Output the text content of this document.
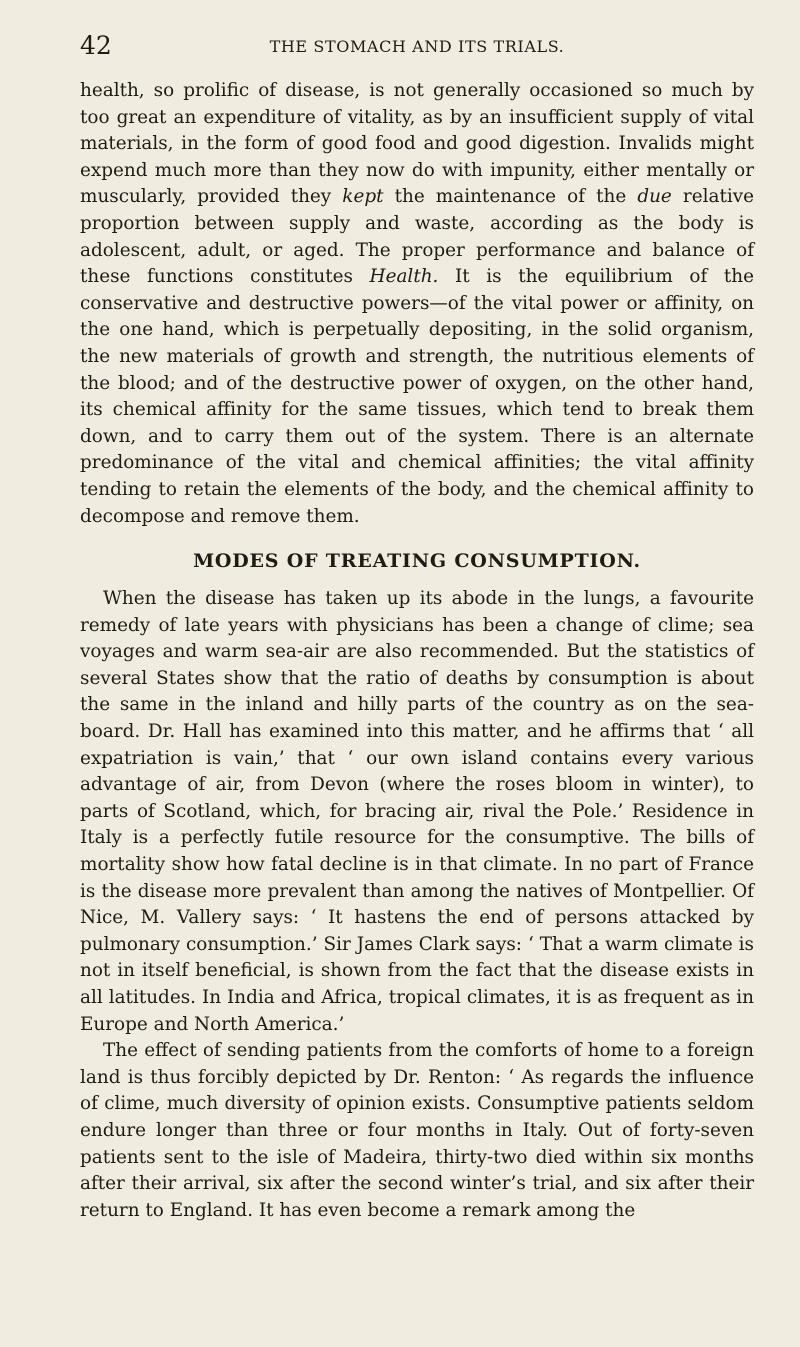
42	THE STOMACH AND ITS TRIALS.

health, so prolific of disease, is not generally occasioned so much by too great an expenditure of vitality, as by an insufficient supply of vital materials, in the form of good food and good digestion. Invalids might expend much more than they now do with impunity, either mentally or muscularly, provided they kept the maintenance of the due relative proportion between supply and waste, according as the body is adolescent, adult, or aged. The proper performance and balance of these functions constitutes Health. It is the equilibrium of the conservative and destructive powers—of the vital power or affinity, on the one hand, which is perpetually depositing, in the solid organism, the new materials of growth and strength, the nutritious elements of the blood; and of the destructive power of oxygen, on the other hand, its chemical affinity for the same tissues, which tend to break them down, and to carry them out of the system. There is an alternate predominance of the vital and chemical affinities; the vital affinity tending to retain the elements of the body, and the chemical affinity to decompose and remove them.

MODES OF TREATING CONSUMPTION.

When the disease has taken up its abode in the lungs, a favourite remedy of late years with physicians has been a change of clime; sea voyages and warm sea-air are also recommended. But the statistics of several States show that the ratio of deaths by consumption is about the same in the inland and hilly parts of the country as on the sea-board. Dr. Hall has examined into this matter, and he affirms that ‘ all expatriation is vain,’ that ‘ our own island contains every various advantage of air, from Devon (where the roses bloom in winter), to parts of Scotland, which, for bracing air, rival the Pole.’ Residence in Italy is a perfectly futile resource for the consumptive. The bills of mortality show how fatal decline is in that climate. In no part of France is the disease more prevalent than among the natives of Montpellier. Of Nice, M. Vallery says: ‘ It hastens the end of persons attacked by pulmonary consumption.’ Sir James Clark says: ‘ That a warm climate is not in itself beneficial, is shown from the fact that the disease exists in all latitudes. In India and Africa, tropical climates, it is as frequent as in Europe and North America.’

The effect of sending patients from the comforts of home to a foreign land is thus forcibly depicted by Dr. Renton: ‘ As regards the influence of clime, much diversity of opinion exists. Consumptive patients seldom endure longer than three or four months in Italy. Out of forty-seven patients sent to the isle of Madeira, thirty-two died within six months after their arrival, six after the second winter’s trial, and six after their return to England. It has even become a remark among the
